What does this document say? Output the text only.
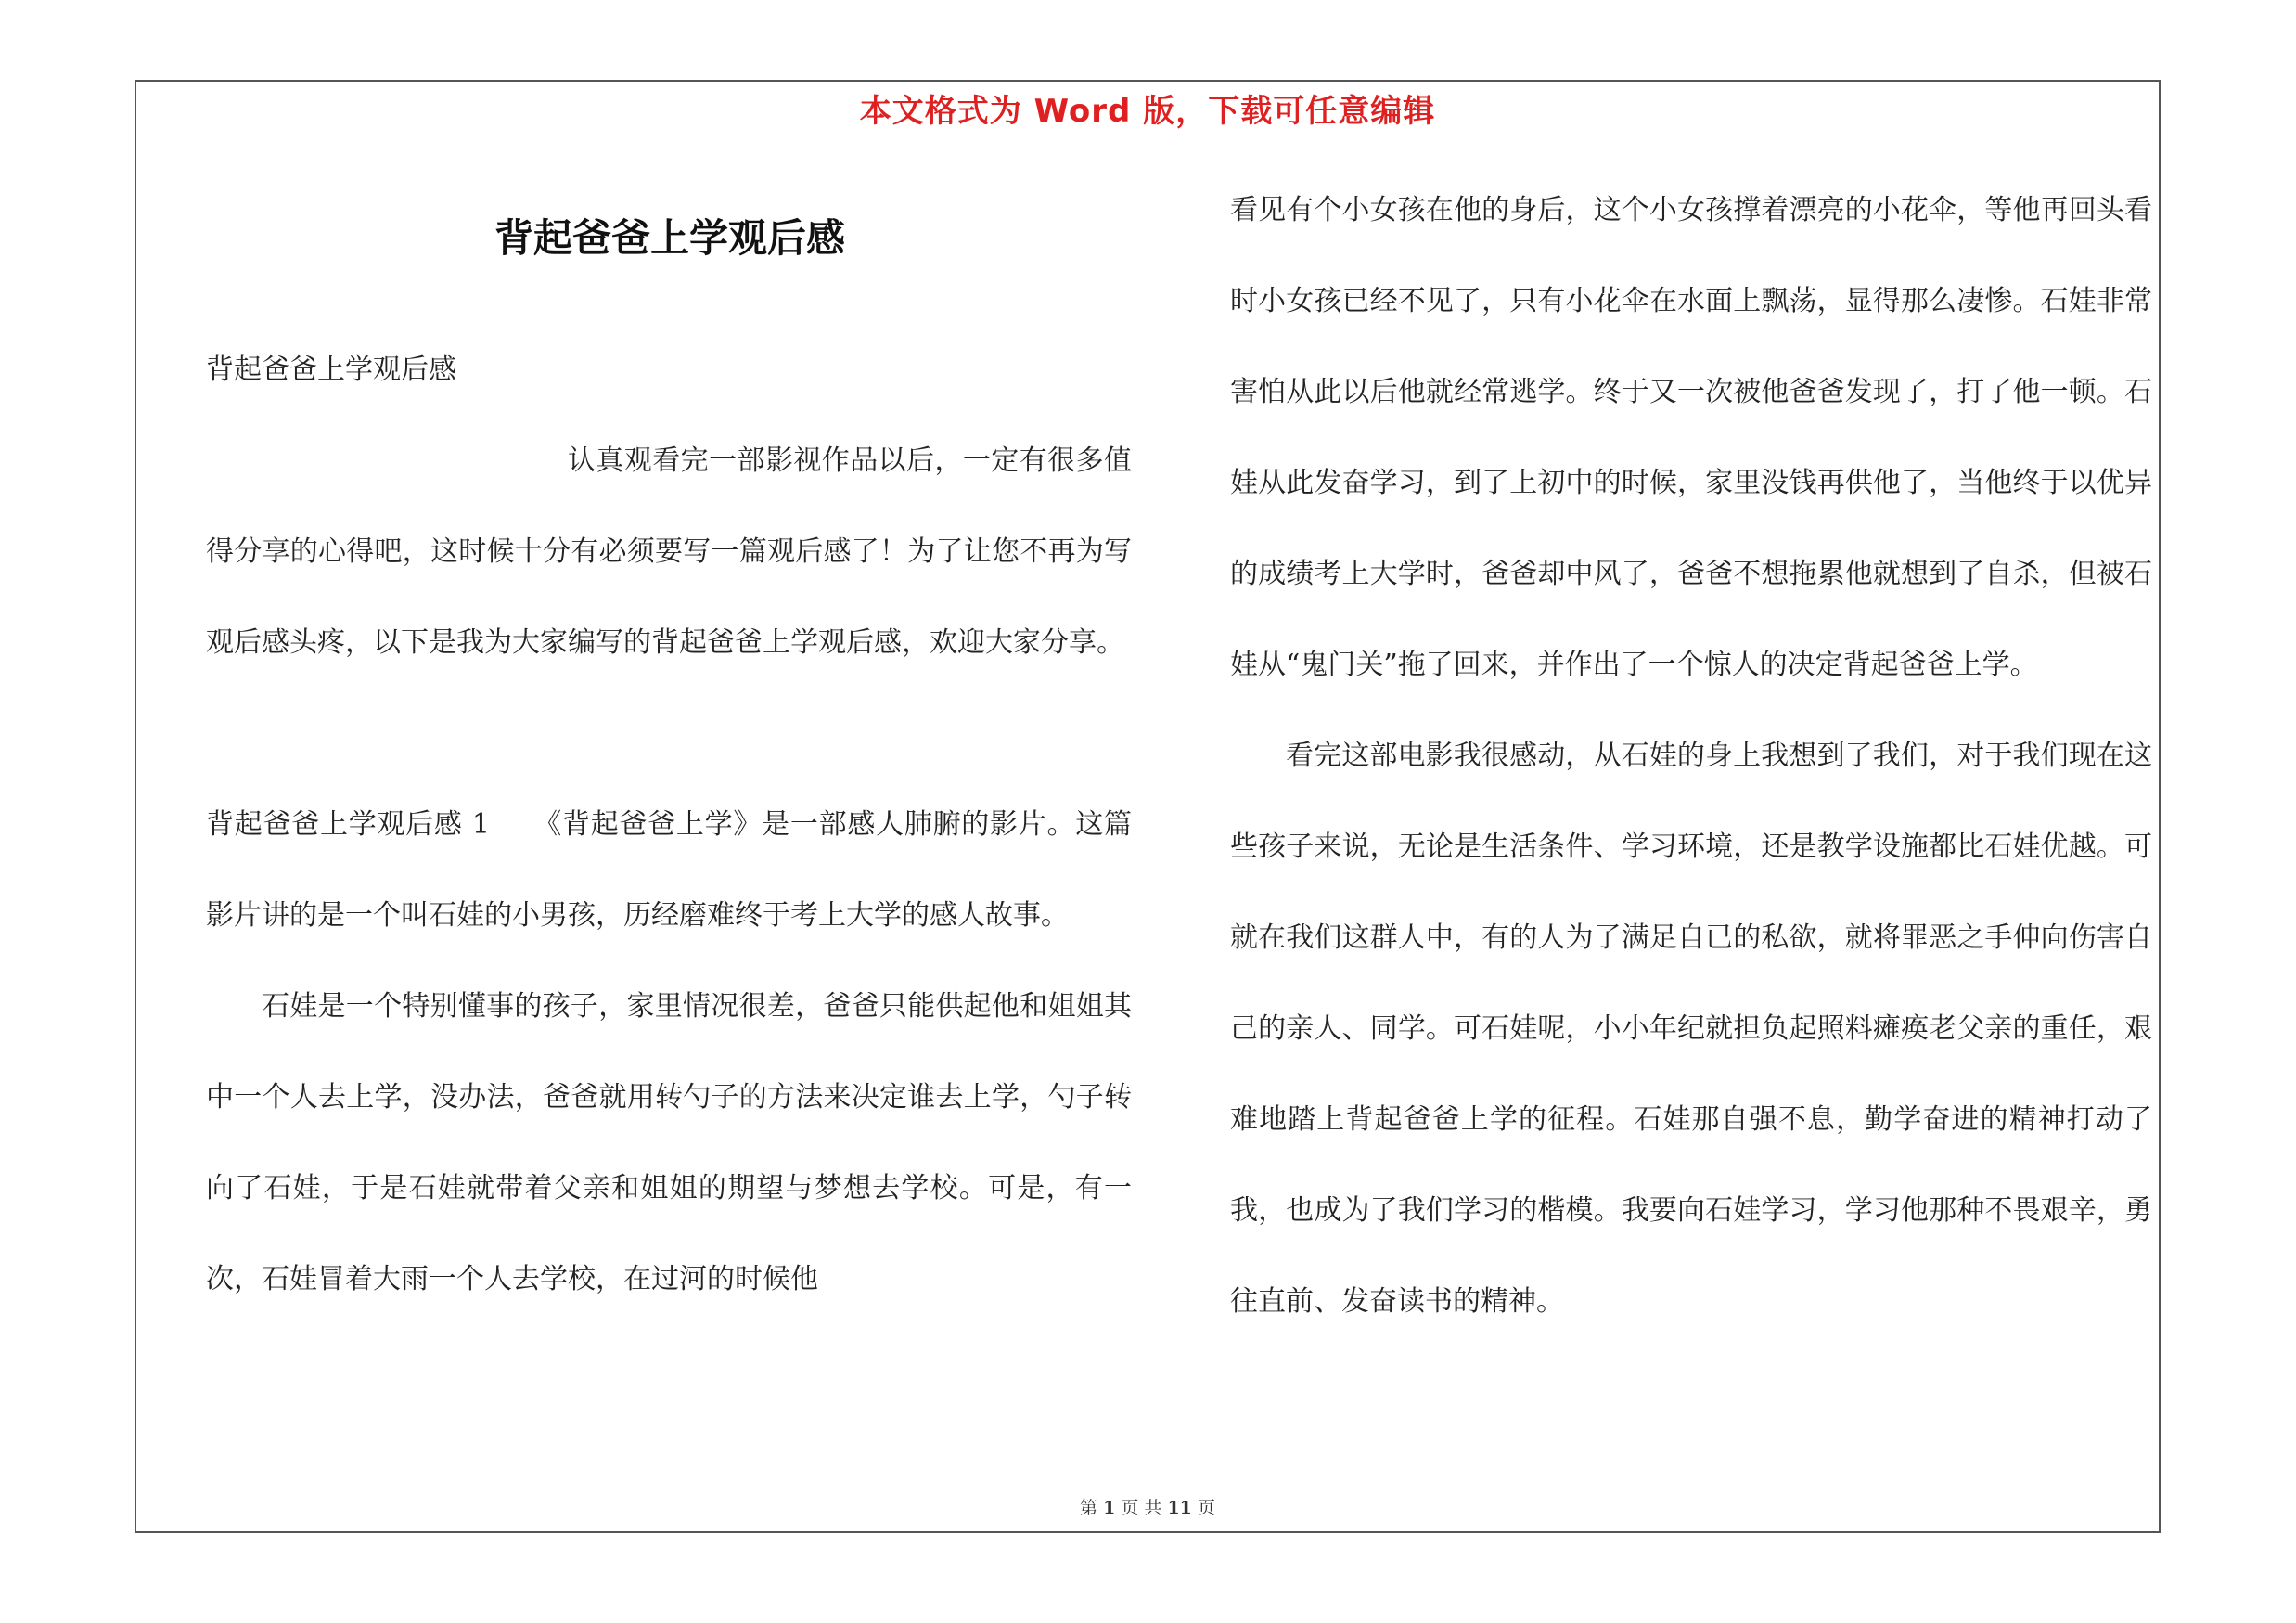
本文格式为 Word 版，下载可任意编辑
背起爸爸上学观后感

背起爸爸上学观后感

认真观看完一部影视作品以后，一定有很多值得分享的心得吧，这时候十分有必须要写一篇观后感了！为了让您不再为写观后感头疼，以下是我为大家编写的背起爸爸上学观后感，欢迎大家分享。

背起爸爸上学观后感 1　　《背起爸爸上学》是一部感人肺腑的影片。这篇影片讲的是一个叫石娃的小男孩，历经磨难终于考上大学的感人故事。

石娃是一个特别懂事的孩子，家里情况很差，爸爸只能供起他和姐姐其中一个人去上学，没办法，爸爸就用转勺子的方法来决定谁去上学，勺子转向了石娃，于是石娃就带着父亲和姐姐的期望与梦想去学校。可是，有一次，石娃冒着大雨一个人去学校，在过河的时候他

看见有个小女孩在他的身后，这个小女孩撑着漂亮的小花伞，等他再回头看时小女孩已经不见了，只有小花伞在水面上飘荡，显得那么凄惨。石娃非常害怕从此以后他就经常逃学。终于又一次被他爸爸发现了，打了他一顿。石娃从此发奋学习，到了上初中的时候，家里没钱再供他了，当他终于以优异的成绩考上大学时，爸爸却中风了，爸爸不想拖累他就想到了自杀，但被石娃从“鬼门关”拖了回来，并作出了一个惊人的决定背起爸爸上学。

看完这部电影我很感动，从石娃的身上我想到了我们，对于我们现在这些孩子来说，无论是生活条件、学习环境，还是教学设施都比石娃优越。可就在我们这群人中，有的人为了满足自已的私欲，就将罪恶之手伸向伤害自己的亲人、同学。可石娃呢，小小年纪就担负起照料瘫痪老父亲的重任，艰难地踏上背起爸爸上学的征程。石娃那自强不息，勤学奋进的精神打动了我，也成为了我们学习的楷模。我要向石娃学习，学习他那种不畏艰辛，勇往直前、发奋读书的精神。

第 1 页 共 11 页
